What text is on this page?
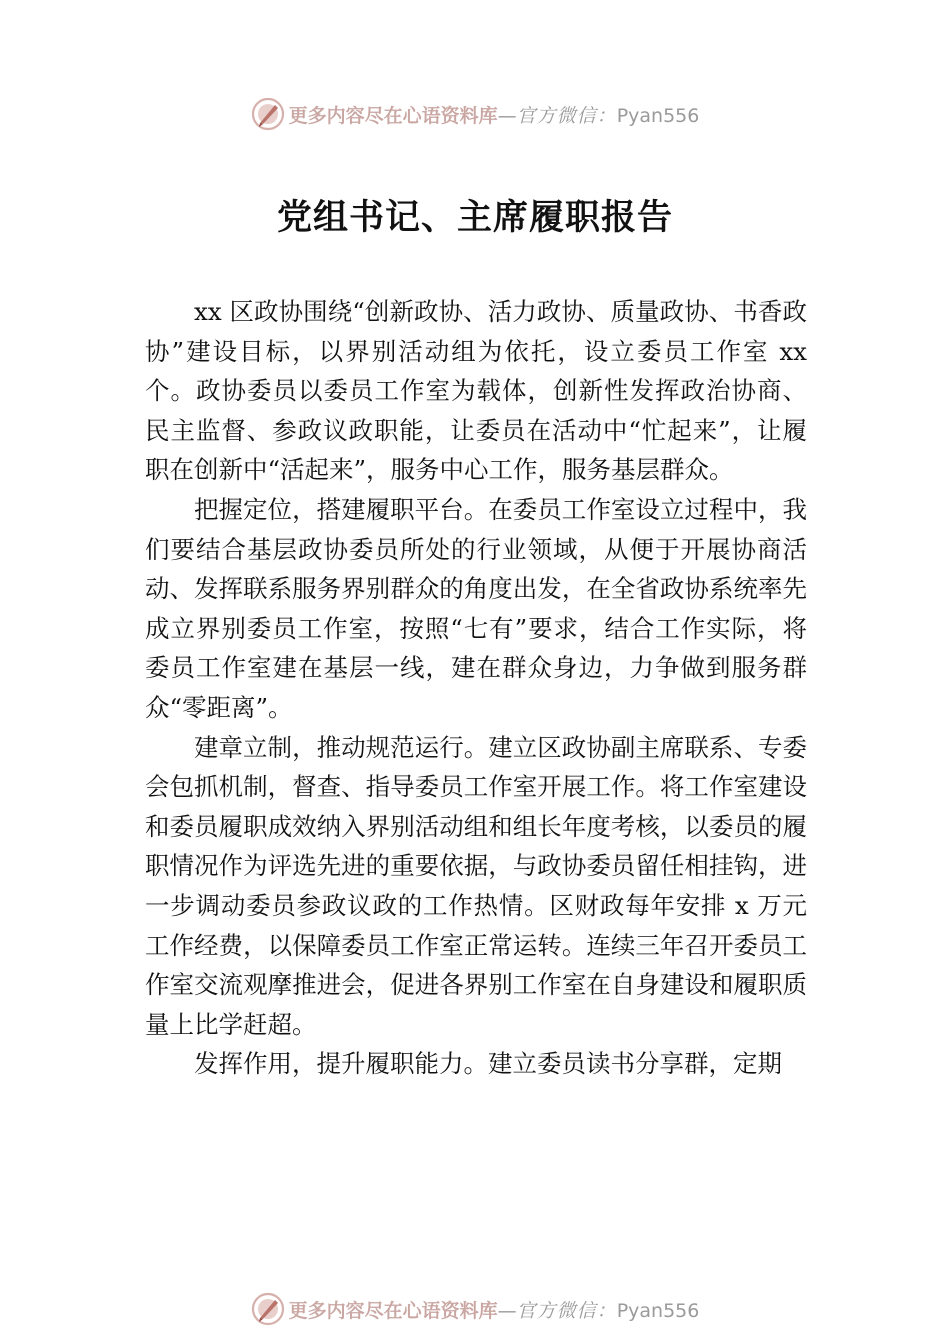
更多内容尽在心语资料库 — 官方微信： Pyan556
党组书记、主席履职报告

xx 区政协围绕“创新政协、活力政协、质量政协、书香政协”建设目标，以界别活动组为依托，设立委员工作室 xx 个。政协委员以委员工作室为载体，创新性发挥政治协商、 民主监督、参政议政职能，让委员在活动中“忙起来”，让履职在创新中“活起来”，服务中心工作，服务基层群众。

把握定位，搭建履职平台。在委员工作室设立过程中，我们要结合基层政协委员所处的行业领域，从便于开展协商活动、发挥联系服务界别群众的角度出发，在全省政协系统率先成立界别委员工作室，按照“七有”要求，结合工作实际，将委员工作室建在基层一线，建在群众身边，力争做到服务群众“零距离”。

建章立制，推动规范运行。建立区政协副主席联系、专委会包抓机制，督查、指导委员工作室开展工作。将工作室建设和委员履职成效纳入界别活动组和组长年度考核，以委员的履职情况作为评选先进的重要依据，与政协委员留任相挂钩，进一步调动委员参政议政的工作热情。区财政每年安排 x 万元工作经费，以保障委员工作室正常运转。连续三年召开委员工作室交流观摩推进会，促进各界别工作室在自身建设和履职质量上比学赶超。

发挥作用，提升履职能力。建立委员读书分享群，定期

更多内容尽在心语资料库 — 官方微信： Pyan556
